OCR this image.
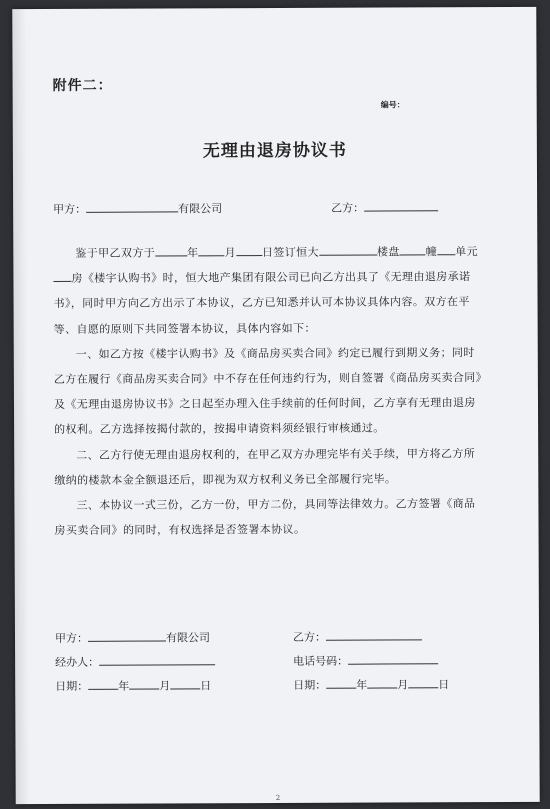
附件二：
编号：
无理由退房协议书
甲方：	有限公司	乙方：

鉴于甲乙双方于	年 月 日签订恒大	楼盘 幢 单元房《楼宇认购书》时，恒大地产集团有限公司已向乙方出具了《无理由退房承诺书》，同时甲方向乙方出示了本协议，乙方已知悉并认可本协议具体内容。双方在平等、自愿的原则下共同签署本协议，具体内容如下：

一、如乙方按《楼宇认购书》及《商品房买卖合同》约定已履行到期义务；同时乙方在履行《商品房买卖合同》中不存在任何违约行为，则自签署《商品房买卖合同》及《无理由退房协议书》之日起至办理入住手续前的任何时间，乙方享有无理由退房的权利。乙方选择按揭付款的，按揭申请资料须经银行审核通过。

二、乙方行使无理由退房权利的，在甲乙双方办理完毕有关手续，甲方将乙方所缴纳的楼款本金全额退还后，即视为双方权利义务已全部履行完毕。

三、本协议一式三份，乙方一份，甲方二份，具同等法律效力。乙方签署《商品房买卖合同》的同时，有权选择是否签署本协议。

甲方：	有限公司	乙方：
经办人：	电话号码：
日期：	年	月	日	日期：	年	月	日
2
